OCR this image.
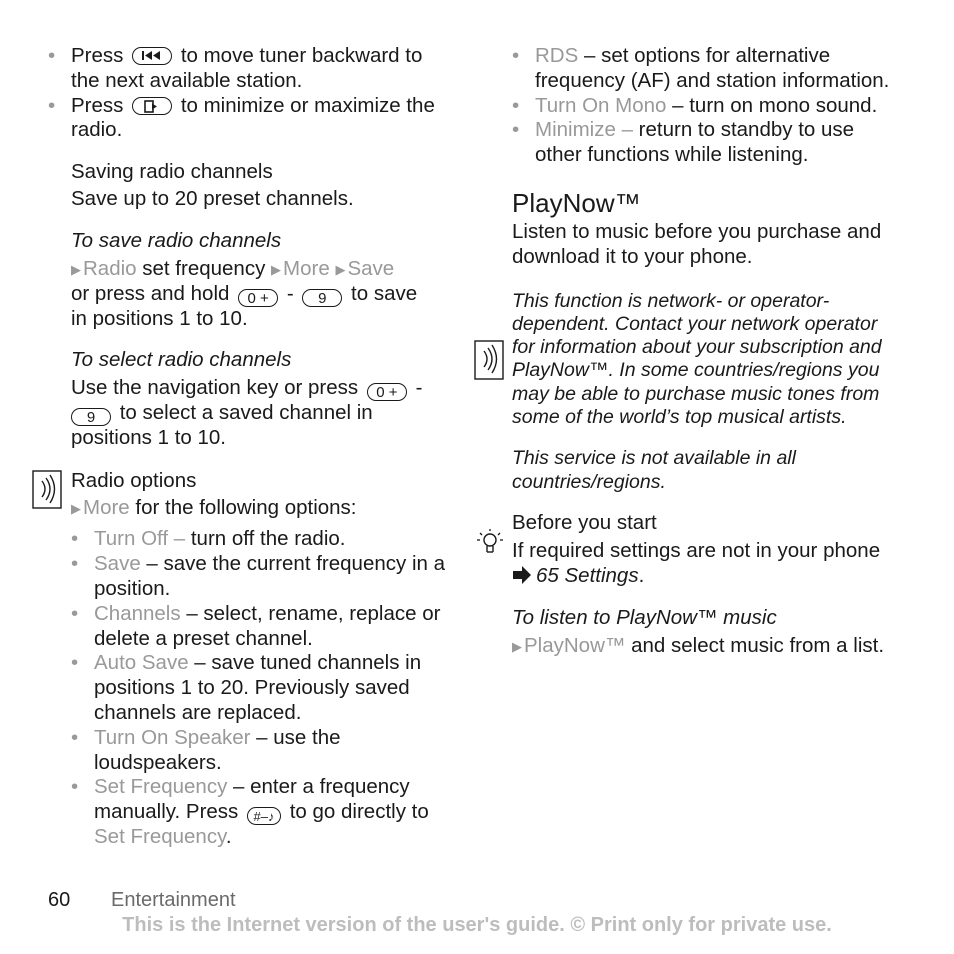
• Press	to move tuner backward to the next available station.
• Press	to minimize or maximize the radio.
Saving radio channels
Save up to 20 preset channels.
To save radio channels
▶Radio set frequency ▶More ▶Save
or press and hold 0 + - 9 to save
in positions 1 to 10.
To select radio channels
Use the navigation key or press 0 + -
9 to select a saved channel in
positions 1 to 10.
Radio options
▶More for the following options:
• Turn Off – turn off the radio.
• Save – save the current frequency in a position.
• Channels – select, rename, replace or delete a preset channel.
• Auto Save – save tuned channels in positions 1 to 20. Previously saved channels are replaced.
• Turn On Speaker – use the loudspeakers.
• Set Frequency – enter a frequency manually. Press #–♪ to go directly to Set Frequency.
• RDS – set options for alternative frequency (AF) and station information.
• Turn On Mono – turn on mono sound.
• Minimize – return to standby to use other functions while listening.
PlayNow™
Listen to music before you purchase and download it to your phone.
This function is network- or operator-dependent. Contact your network operator for information about your subscription and PlayNow™. In some countries/regions you may be able to purchase music tones from some of the world’s top musical artists.
This service is not available in all countries/regions.
Before you start
If required settings are not in your phone 65 Settings.
To listen to PlayNow™ music
▶PlayNow™ and select music from a list.
60 Entertainment
This is the Internet version of the user's guide. © Print only for private use.
